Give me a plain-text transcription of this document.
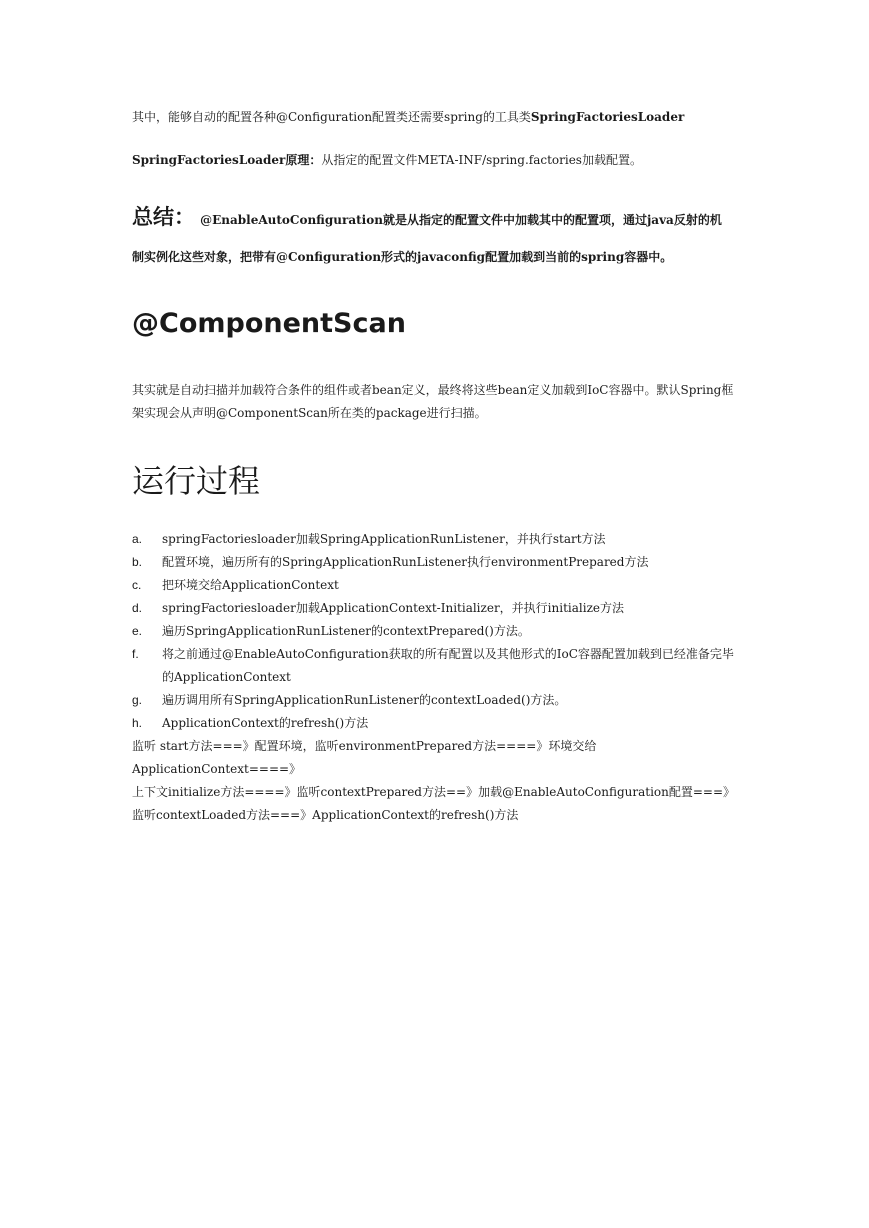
其中，能够自动的配置各种@Configuration配置类还需要spring的工具类SpringFactoriesLoader
SpringFactoriesLoader原理：从指定的配置文件META-INF/spring.factories加载配置。
总结： @EnableAutoConfiguration就是从指定的配置文件中加载其中的配置项，通过java反射的机
制实例化这些对象，把带有@Configuration形式的javaconfig配置加载到当前的spring容器中。
@ComponentScan
其实就是自动扫描并加载符合条件的组件或者bean定义，最终将这些bean定义加载到IoC容器中。默认Spring框架实现会从声明@ComponentScan所在类的package进行扫描。
运行过程
a.	springFactoriesloader加载SpringApplicationRunListener，并执行start方法
b.	配置环境，遍历所有的SpringApplicationRunListener执行environmentPrepared方法
c.	把环境交给ApplicationContext
d.	springFactoriesloader加载ApplicationContext-Initializer，并执行initialize方法
e.	遍历SpringApplicationRunListener的contextPrepared()方法。
f.	将之前通过@EnableAutoConfiguration获取的所有配置以及其他形式的IoC容器配置加载到已经准备完毕的ApplicationContext
g.	遍历调用所有SpringApplicationRunListener的contextLoaded()方法。
h.	ApplicationContext的refresh()方法
监听 start方法===》配置环境，监听environmentPrepared方法====》环境交给ApplicationContext====》
上下文initialize方法====》监听contextPrepared方法==》加载@EnableAutoConfiguration配置===》
监听contextLoaded方法===》ApplicationContext的refresh()方法
